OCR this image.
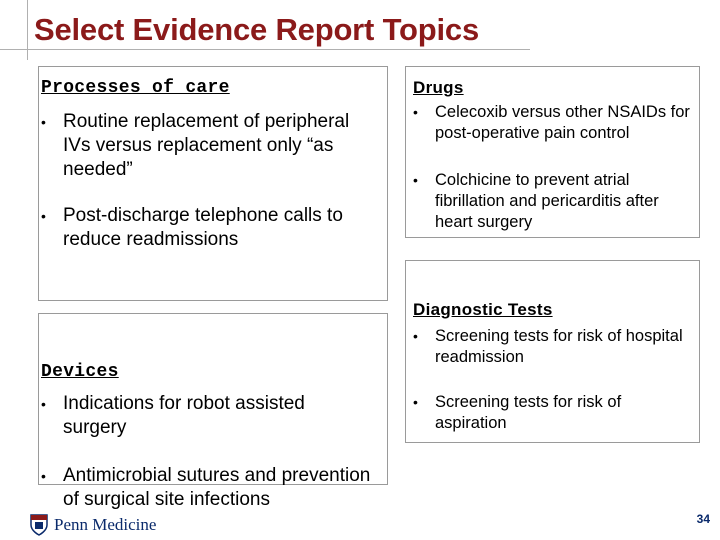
Select Evidence Report Topics
Processes of care
• Routine replacement of peripheral IVs versus replacement only “as needed”
• Post-discharge telephone calls to reduce readmissions
Drugs
•	Celecoxib versus other NSAIDs for post-operative pain control
•	Colchicine to prevent atrial fibrillation and pericarditis after heart surgery
Devices
• Indications for robot assisted surgery
• Antimicrobial sutures and prevention of surgical site infections
Diagnostic Tests
•	Screening tests for risk of hospital readmission
•	Screening tests for risk of aspiration
Penn Medicine	34
